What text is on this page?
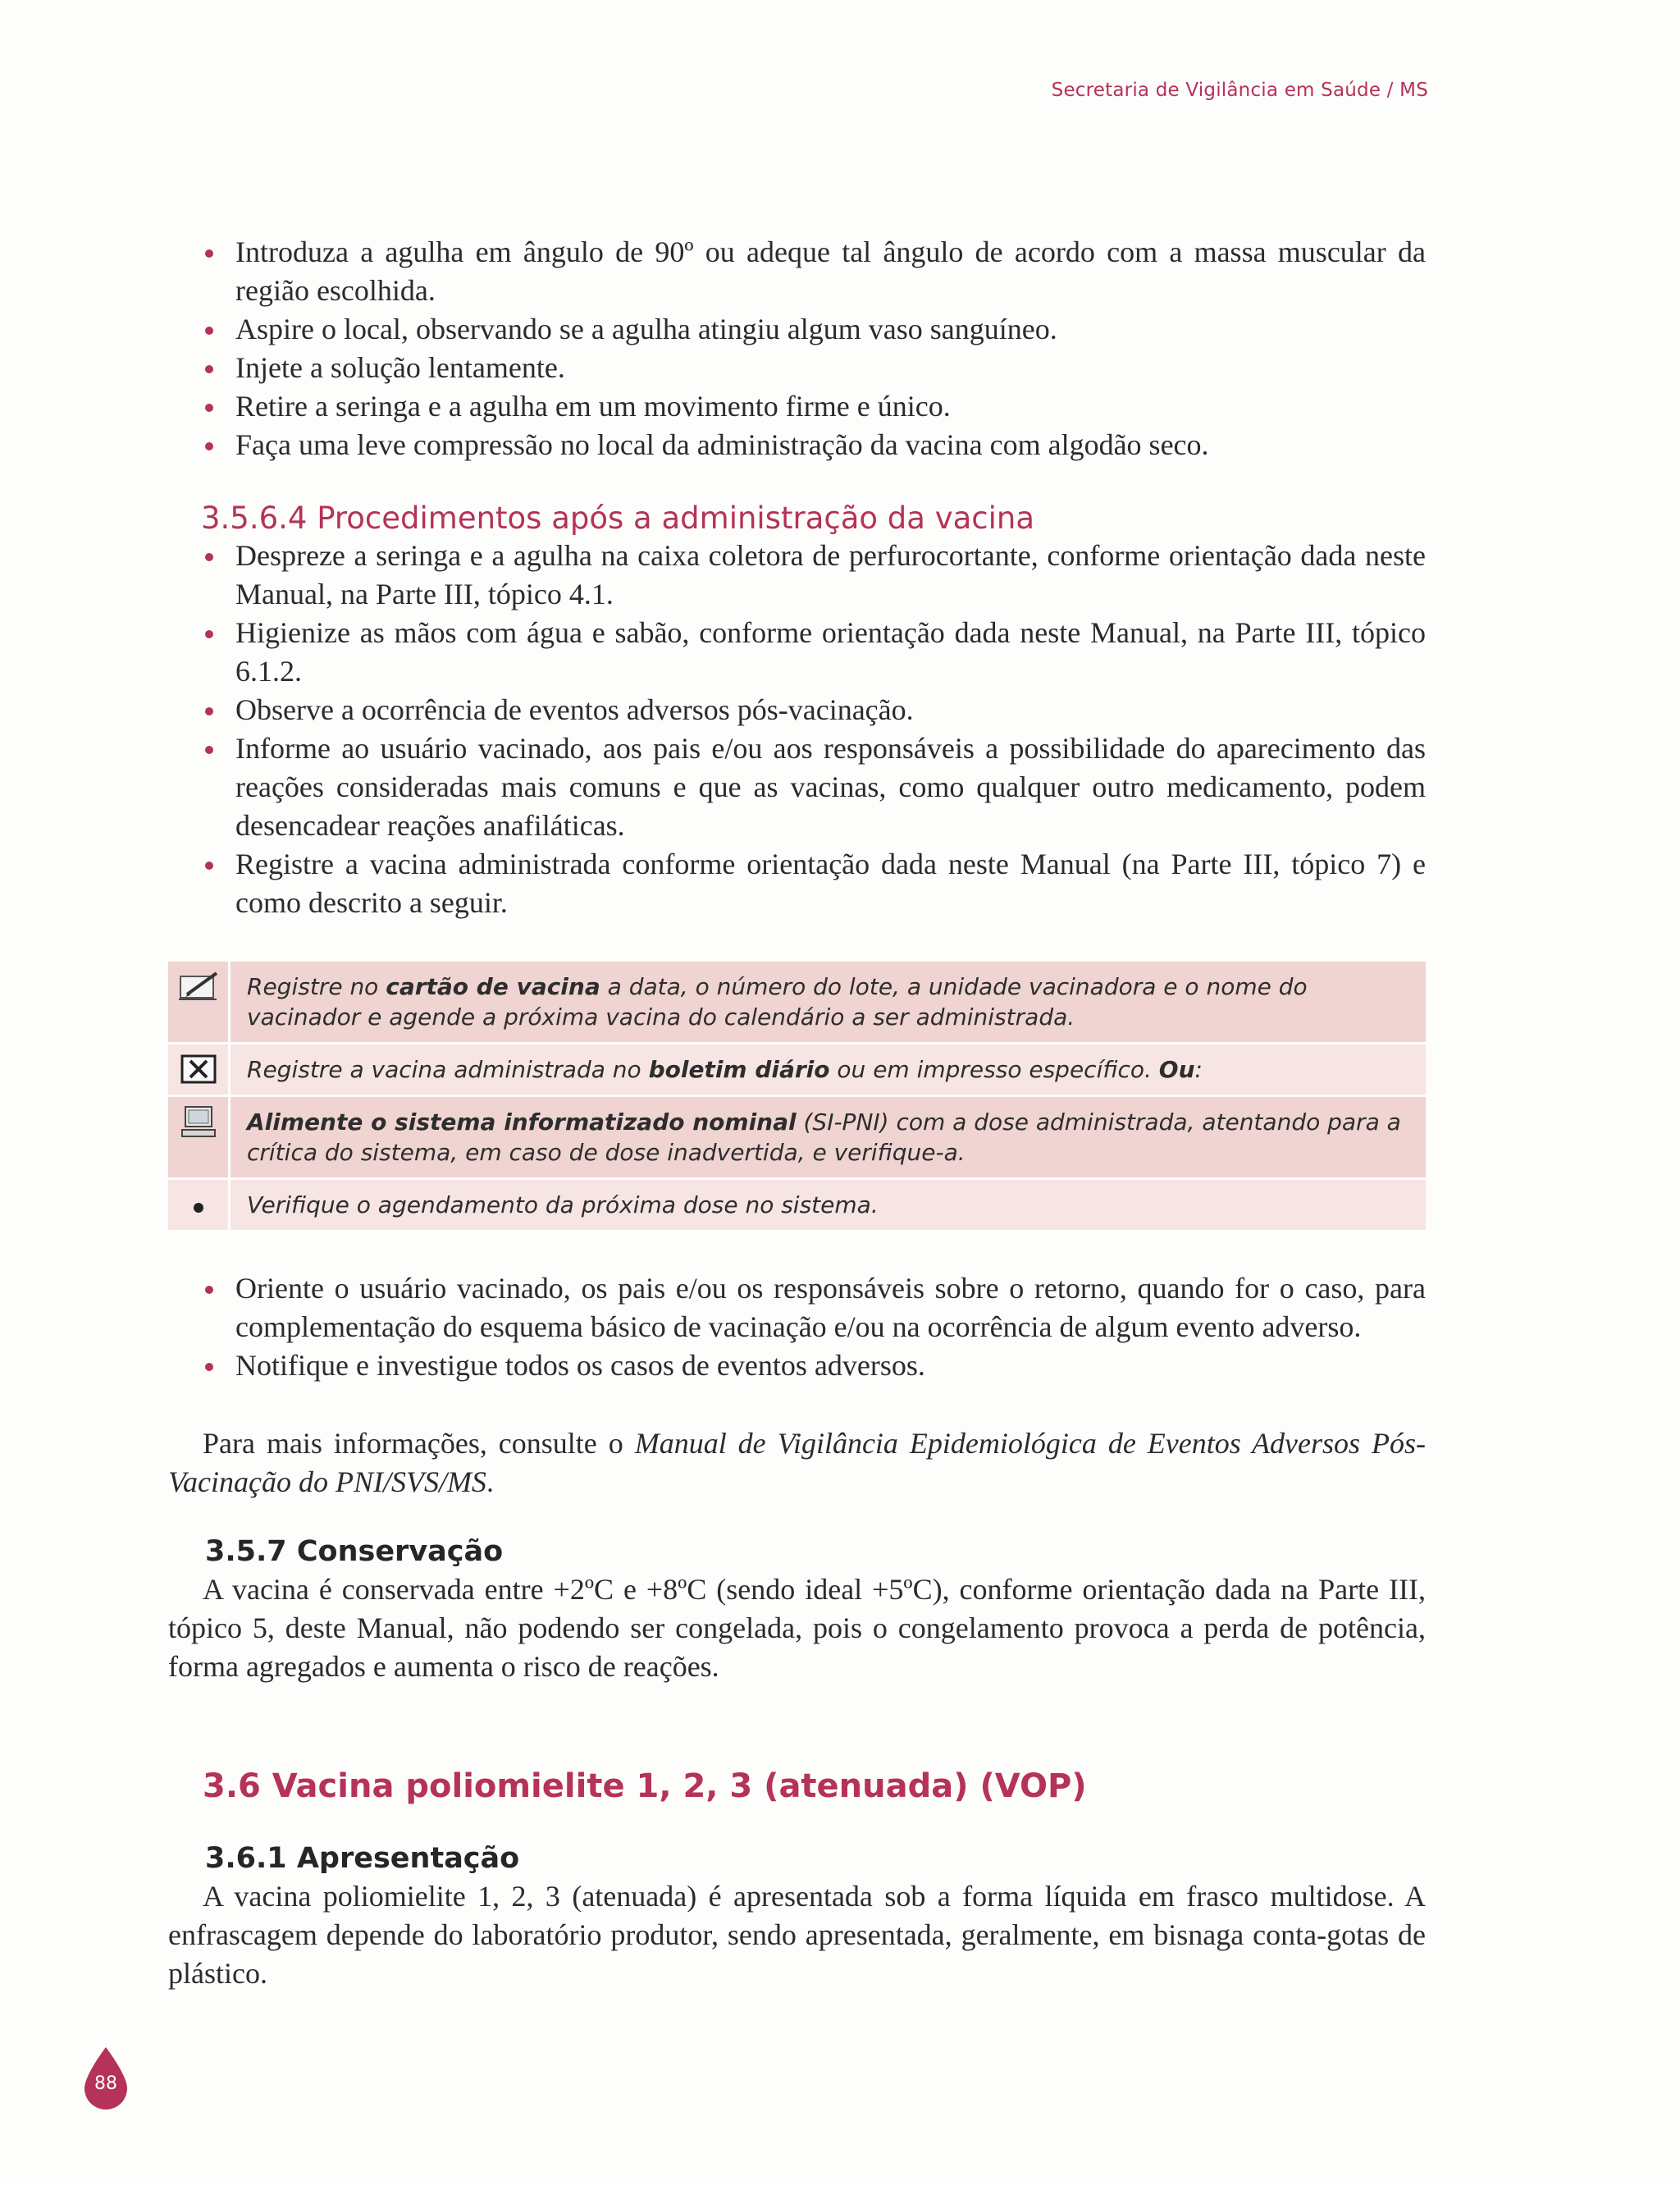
Secretaria de Vigilância em Saúde / MS
Introduza a agulha em ângulo de 90º ou adeque tal ângulo de acordo com a massa muscular da região escolhida.
Aspire o local, observando se a agulha atingiu algum vaso sanguíneo.
Injete a solução lentamente.
Retire a seringa e a agulha em um movimento firme e único.
Faça uma leve compressão no local da administração da vacina com algodão seco.
3.5.6.4 Procedimentos após a administração da vacina
Despreze a seringa e a agulha na caixa coletora de perfurocortante, conforme orientação dada neste Manual, na Parte III, tópico 4.1.
Higienize as mãos com água e sabão, conforme orientação dada neste Manual, na Parte III, tópico 6.1.2.
Observe a ocorrência de eventos adversos pós-vacinação.
Informe ao usuário vacinado, aos pais e/ou aos responsáveis a possibilidade do aparecimento das reações consideradas mais comuns e que as vacinas, como qualquer outro medicamento, podem desencadear reações anafiláticas.
Registre a vacina administrada conforme orientação dada neste Manual (na Parte III, tópico 7) e como descrito a seguir.
Registre no cartão de vacina a data, o número do lote, a unidade vacinadora e o nome do vacinador e agende a próxima vacina do calendário a ser administrada.
Registre a vacina administrada no boletim diário ou em impresso específico. Ou:
Alimente o sistema informatizado nominal (SI-PNI) com a dose administrada, atentando para a crítica do sistema, em caso de dose inadvertida, e verifique-a.
Verifique o agendamento da próxima dose no sistema.
Oriente o usuário vacinado, os pais e/ou os responsáveis sobre o retorno, quando for o caso, para complementação do esquema básico de vacinação e/ou na ocorrência de algum evento adverso.
Notifique e investigue todos os casos de eventos adversos.

Para mais informações, consulte o Manual de Vigilância Epidemiológica de Eventos Adversos Pós-Vacinação do PNI/SVS/MS.

3.5.7 Conservação

A vacina é conservada entre +2ºC e +8ºC (sendo ideal +5ºC), conforme orientação dada na Parte III, tópico 5, deste Manual, não podendo ser congelada, pois o congelamento provoca a perda de potência, forma agregados e aumenta o risco de reações.

3.6 Vacina poliomielite 1, 2, 3 (atenuada) (VOP)
3.6.1 Apresentação

A vacina poliomielite 1, 2, 3 (atenuada) é apresentada sob a forma líquida em frasco multidose. A enfrascagem depende do laboratório produtor, sendo apresentada, geralmente, em bisnaga conta-gotas de plástico.

88
